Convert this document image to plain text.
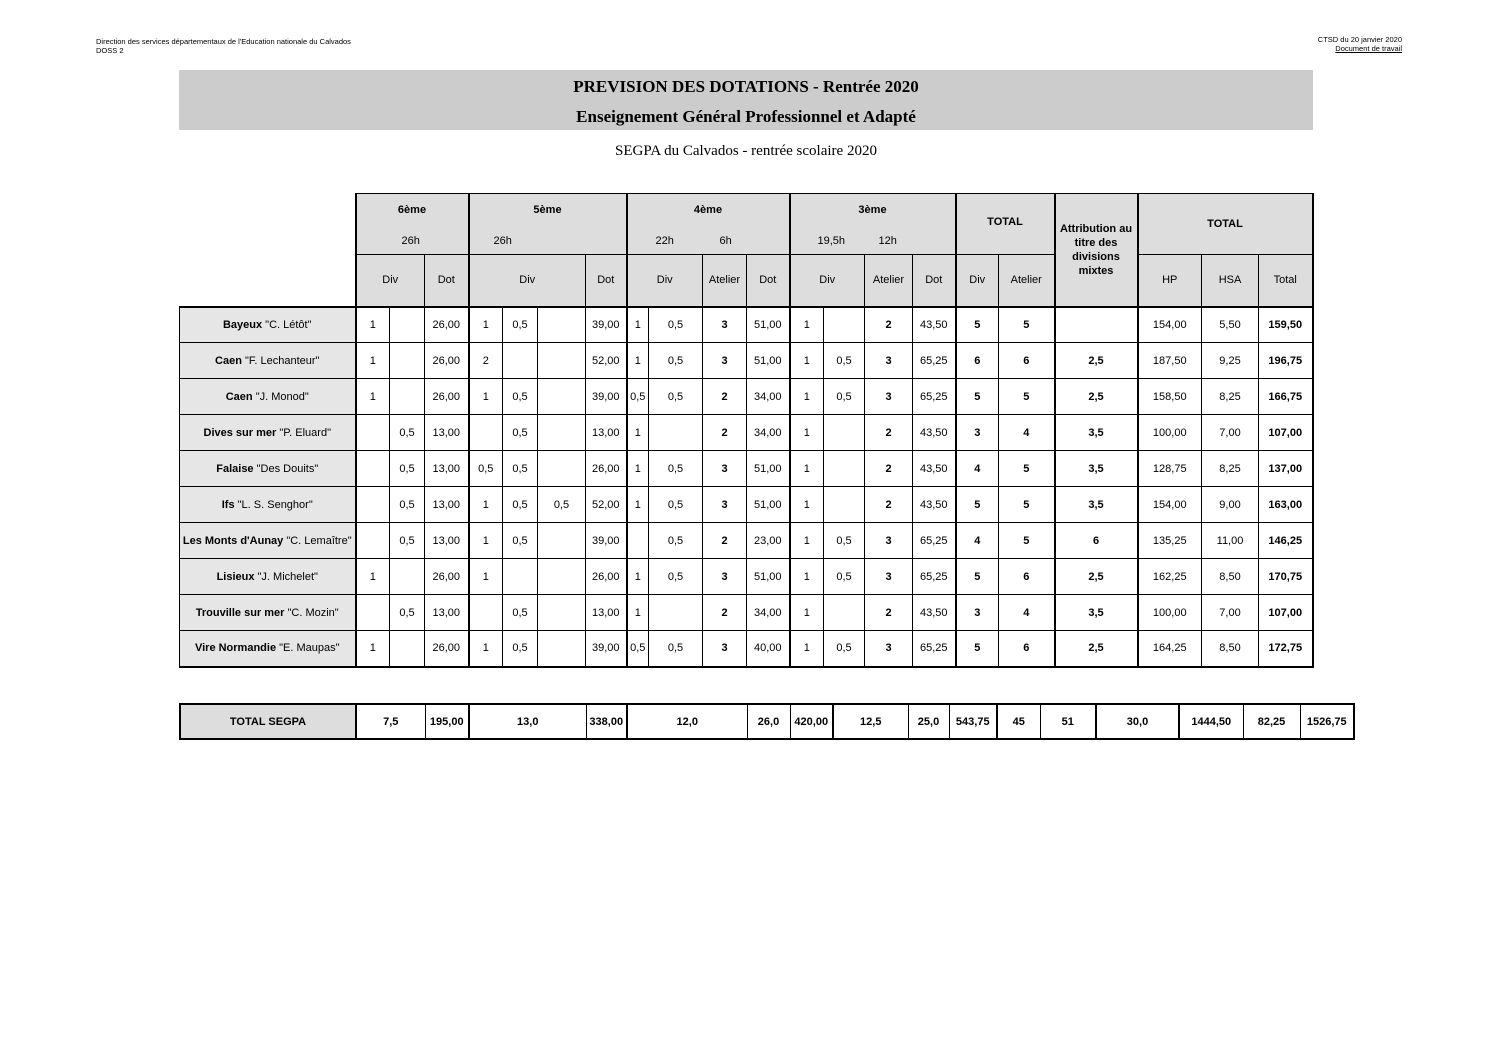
Direction des services départementaux de l'Education nationale du Calvados
DOSS 2
CTSD du 20 janvier 2020
Document de travail
PREVISION DES DOTATIONS - Rentrée 2020
Enseignement Général Professionnel et Adapté
SEGPA du Calvados - rentrée scolaire 2020

	6ème
26h			5ème
26h				4ème
22h 6h				3ème
19,5h 12h				TOTAL		Attribution au titre des divisions mixtes	TOTAL		
	Div		Dot	Div			Dot	Div		Atelier	Dot	Div		Atelier	Dot	Div	Atelier		HP	HSA	Total
Bayeux "C. Létôt"	1		26,00	1	0,5		39,00	1	0,5	3	51,00	1		2	43,50	5	5		154,00	5,50	159,50
Caen "F. Lechanteur"	1		26,00	2			52,00	1	0,5	3	51,00	1	0,5	3	65,25	6	6	2,5	187,50	9,25	196,75
Caen "J. Monod"	1		26,00	1	0,5		39,00	0,5	0,5	2	34,00	1	0,5	3	65,25	5	5	2,5	158,50	8,25	166,75
Dives sur mer "P. Eluard"		0,5	13,00		0,5		13,00	1		2	34,00	1		2	43,50	3	4	3,5	100,00	7,00	107,00
Falaise "Des Douits"		0,5	13,00	0,5	0,5		26,00	1	0,5	3	51,00	1		2	43,50	4	5	3,5	128,75	8,25	137,00
Ifs "L. S. Senghor"		0,5	13,00	1	0,5	0,5	52,00	1	0,5	3	51,00	1		2	43,50	5	5	3,5	154,00	9,00	163,00
Les Monts d'Aunay "C. Lemaître"		0,5	13,00	1	0,5		39,00		0,5	2	23,00	1	0,5	3	65,25	4	5	6	135,25	11,00	146,25
Lisieux "J. Michelet"	1		26,00	1			26,00	1	0,5	3	51,00	1	0,5	3	65,25	5	6	2,5	162,25	8,50	170,75
Trouville sur mer "C. Mozin"		0,5	13,00		0,5		13,00	1		2	34,00	1		2	43,50	3	4	3,5	100,00	7,00	107,00
Vire Normandie "E. Maupas"	1		26,00	1	0,5		39,00	0,5	0,5	3	40,00	1	0,5	3	65,25	5	6	2,5	164,25	8,50	172,75
TOTAL SEGPA	7,5	195,00	13,0	338,00	12,0	26,0	420,00	12,5	25,0	543,75	45	51	30,0	1444,50	82,25	1526,75
